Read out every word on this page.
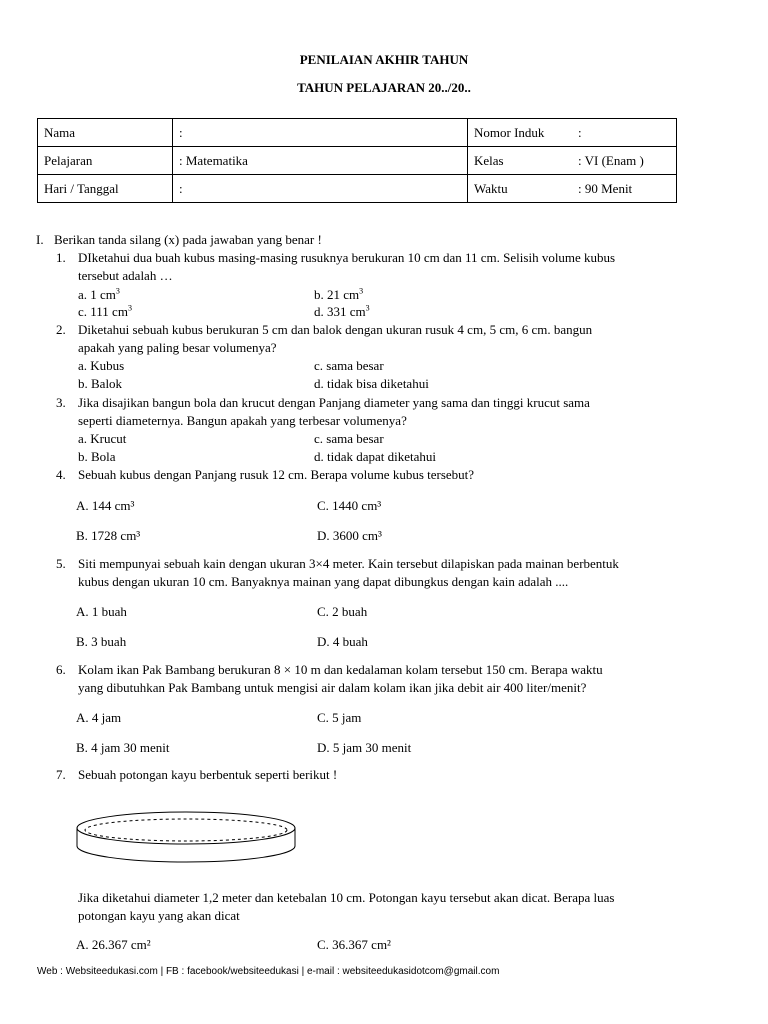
PENILAIAN AKHIR TAHUN
TAHUN PELAJARAN 20../20..
Nama	:	Nomor Induk :
Pelajaran	: Matematika	Kelas : VI (Enam )
Hari / Tanggal	:	Waktu : 90 Menit
I. Berikan tanda silang (x) pada jawaban yang benar !
1. DIketahui dua buah kubus masing-masing rusuknya berukuran 10 cm dan 11 cm. Selisih volume kubus
tersebut adalah …
a. 1 $cm^3$	b. 21 $cm^3$
c. 111 $cm^3$	d. 331 $cm^3$
2. Diketahui sebuah kubus berukuran 5 cm dan balok dengan ukuran rusuk 4 cm, 5 cm, 6 cm. bangun
apakah yang paling besar volumenya?
a. Kubus	c. sama besar
b. Balok	d. tidak bisa diketahui
3. Jika disajikan bangun bola dan krucut dengan Panjang diameter yang sama dan tinggi krucut sama
seperti diameternya. Bangun apakah yang terbesar volumenya?
a. Krucut	c. sama besar
b. Bola	d. tidak dapat diketahui
4. Sebuah kubus dengan Panjang rusuk 12 cm. Berapa volume kubus tersebut?
A. 144 cm³	C. 1440 cm³
B. 1728 cm³	D. 3600 cm³
5. Siti mempunyai sebuah kain dengan ukuran 3×4 meter. Kain tersebut dilapiskan pada mainan berbentuk
kubus dengan ukuran 10 cm. Banyaknya mainan yang dapat dibungkus dengan kain adalah ....
A. 1 buah	C. 2 buah
B. 3 buah	D. 4 buah
6. Kolam ikan Pak Bambang berukuran 8 × 10 m dan kedalaman kolam tersebut 150 cm. Berapa waktu
yang dibutuhkan Pak Bambang untuk mengisi air dalam kolam ikan jika debit air 400 liter/menit?
A. 4 jam	C. 5 jam
B. 4 jam 30 menit	D. 5 jam 30 menit
7. Sebuah potongan kayu berbentuk seperti berikut !
Jika diketahui diameter 1,2 meter dan ketebalan 10 cm. Potongan kayu tersebut akan dicat. Berapa luas
potongan kayu yang akan dicat
A. 26.367 cm²	C. 36.367 cm²
Web : Websiteedukasi.com | FB : facebook/websiteedukasi | e-mail : websiteedukasidotcom@gmail.com
